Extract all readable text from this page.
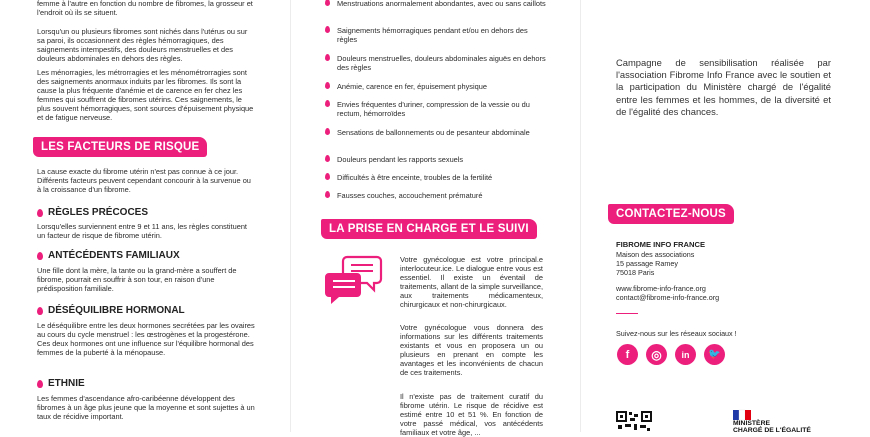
femme à l'autre en fonction du nombre de fibromes, la grosseur et l'endroit où ils se situent.
Lorsqu'un ou plusieurs fibromes sont nichés dans l'utérus ou sur sa paroi, ils occasionnent des règles hémorragiques, des saignements intempestifs, des douleurs menstruelles et des douleurs abdominales en dehors des règles.
Les ménorragies, les métrorragies et les ménométrorragies sont des saignements anormaux induits par les fibromes. Ils sont la cause la plus fréquente d'anémie et de carence en fer chez les femmes qui souffrent de fibromes utérins. Ces saignements, le plus souvent hémorragiques, sont sources d'épuisement physique et de fatigue nerveuse.
LES FACTEURS DE RISQUE
La cause exacte du fibrome utérin n'est pas connue à ce jour. Différents facteurs peuvent cependant concourir à la survenue ou à la croissance d'un fibrome.
RÈGLES PRÉCOCES
Lorsqu'elles surviennent entre 9 et 11 ans, les règles constituent un facteur de risque de fibrome utérin.
ANTÉCÉDENTS FAMILIAUX
Une fille dont la mère, la tante ou la grand-mère a souffert de fibrome, pourrait en souffrir à son tour, en raison d'une prédisposition familiale.
DÉSÉQUILIBRE HORMONAL
Le déséquilibre entre les deux hormones secrétées par les ovaires au cours du cycle menstruel : les œstrogènes et la progestérone. Ces deux hormones ont une influence sur l'équilibre hormonal des femmes de la puberté à la ménopause.
ETHNIE
Les femmes d'ascendance afro-caribéenne développent des fibromes à un âge plus jeune que la moyenne et sont sujettes à un taux de récidive important.
Menstruations anormalement abondantes, avec ou sans caillots
Saignements hémorragiques pendant et/ou en dehors des règles
Douleurs menstruelles, douleurs abdominales aiguës en dehors des règles
Anémie, carence en fer, épuisement physique
Envies fréquentes d'uriner, compression de la vessie ou du rectum, hémorroïdes
Sensations de ballonnements ou de pesanteur abdominale
Douleurs pendant les rapports sexuels
Difficultés à être enceinte, troubles de la fertilité
Fausses couches, accouchement prématuré
LA PRISE EN CHARGE ET LE SUIVI
Votre gynécologue est votre principal.e interlocuteur.ice. Le dialogue entre vous est essentiel. Il existe un éventail de traitements, allant de la simple surveillance, aux traitements médicamenteux, chirurgicaux et non-chirurgicaux.
Votre gynécologue vous donnera des informations sur les différents traitements existants et vous en proposera un ou plusieurs en prenant en compte les avantages et les inconvénients de chacun de ces traitements.
Il n'existe pas de traitement curatif du fibrome utérin. Le risque de récidive est estimé entre 10 et 51 %. En fonction de votre passé médical, vos antécédents familiaux et votre âge, ...
Campagne de sensibilisation réalisée par l'association Fibrome Info France avec le soutien et la participation du Ministère chargé de l'égalité entre les femmes et les hommes, de la diversité et de l'égalité des chances.
CONTACTEZ-NOUS
FIBROME INFO FRANCE
Maison des associations
15 passage Ramey
75018 Paris
www.fibrome-info-france.org
contact@fibrome-info-france.org
Suivez-nous sur les réseaux sociaux !
f	◎	in	🐦
MINISTÈRE
CHARGÉ DE L'ÉGALITÉ
